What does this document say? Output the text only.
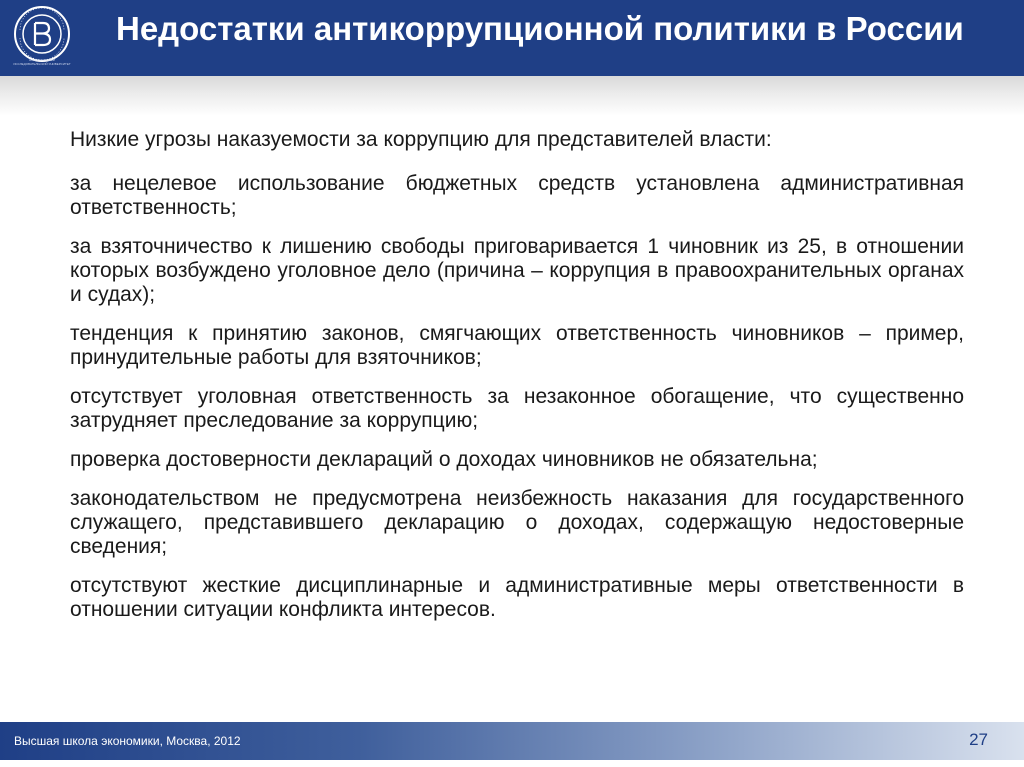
НАЦИОНАЛЬНЫЙ ИССЛЕДОВАТЕЛЬСКИЙ УНИВЕРСИТЕТ
Недостатки антикоррупционной политики в России

Низкие угрозы наказуемости за коррупцию для представителей власти:

за нецелевое использование бюджетных средств установлена административная ответственность;

за взяточничество к лишению свободы приговаривается 1 чиновник из 25, в отношении которых возбуждено уголовное дело (причина – коррупция в правоохранительных органах и судах);

тенденция к принятию законов, смягчающих ответственность чиновников – пример, принудительные работы для взяточников;

отсутствует уголовная ответственность за незаконное обогащение, что существенно затрудняет преследование за коррупцию;

проверка достоверности деклараций о доходах чиновников не обязательна;

законодательством не предусмотрена неизбежность наказания для государственного служащего, представившего декларацию о доходах, содержащую недостоверные сведения;

отсутствуют жесткие дисциплинарные и административные меры ответственности в отношении ситуации конфликта интересов.

Высшая школа экономики, Москва, 2012	27
